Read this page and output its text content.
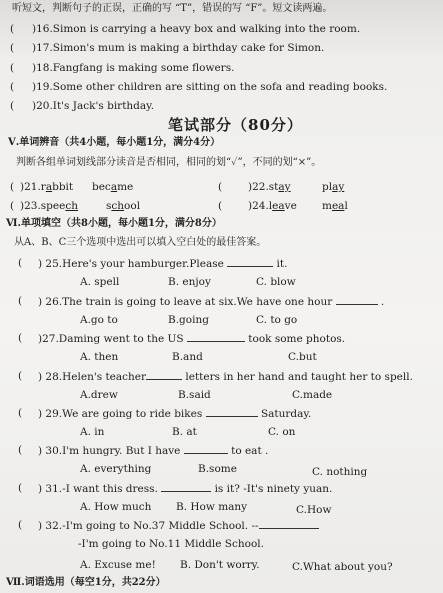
听短文，判断句子的正误，正确的写 “T”，错误的写 “F”。短文读两遍。
( )16.Simon is carrying a heavy box and walking into the room.
( )17.Simon's mum is making a birthday cake for Simon.
( )18.Fangfang is making some flowers.
( )19.Some other children are sitting on the sofa and reading books.
( )20.It's Jack's birthday.
笔试部分（80分）
Ⅴ.单词辨音（共4小题，每小题1分，满分4分）
判断各组单词划线部分读音是否相同，相同的划“✓”，不同的划“×”。
( )21.rabbit became	( )22.stay	play
( )23.speech	school	( )24.leave meal
Ⅵ.单项填空（共8小题，每小题1分，满分8分）
从A、B、C三个选项中选出可以填入空白处的最佳答案。
( ) 25.Here's your hamburger.Please	it.
A. spell	B. enjoy	C. blow
( ) 26.The train is going to leave at six.We have one hour	.
A.go to	B.going	C. to go
( )27.Daming went to the US	took some photos.
A. then	B.and	C.but
( ) 28.Helen's teacher	letters in her hand and taught her to spell.
A.drew	B.said	C.made
( ) 29.We are going to ride bikes	Saturday.
A. in	B. at	C. on
( ) 30.I'm hungry. But I have	to eat .
A. everything	B.some	C. nothing
( ) 31.-I want this dress.	is it? -It's ninety yuan.
A. How much B. How many	C.How
( ) 32.-I'm going to No.37 Middle School. --
-I'm going to No.11 Middle School.
A. Excuse me! B. Don't worry.	C.What about you?
Ⅶ.词语选用（每空1分，共22分）
